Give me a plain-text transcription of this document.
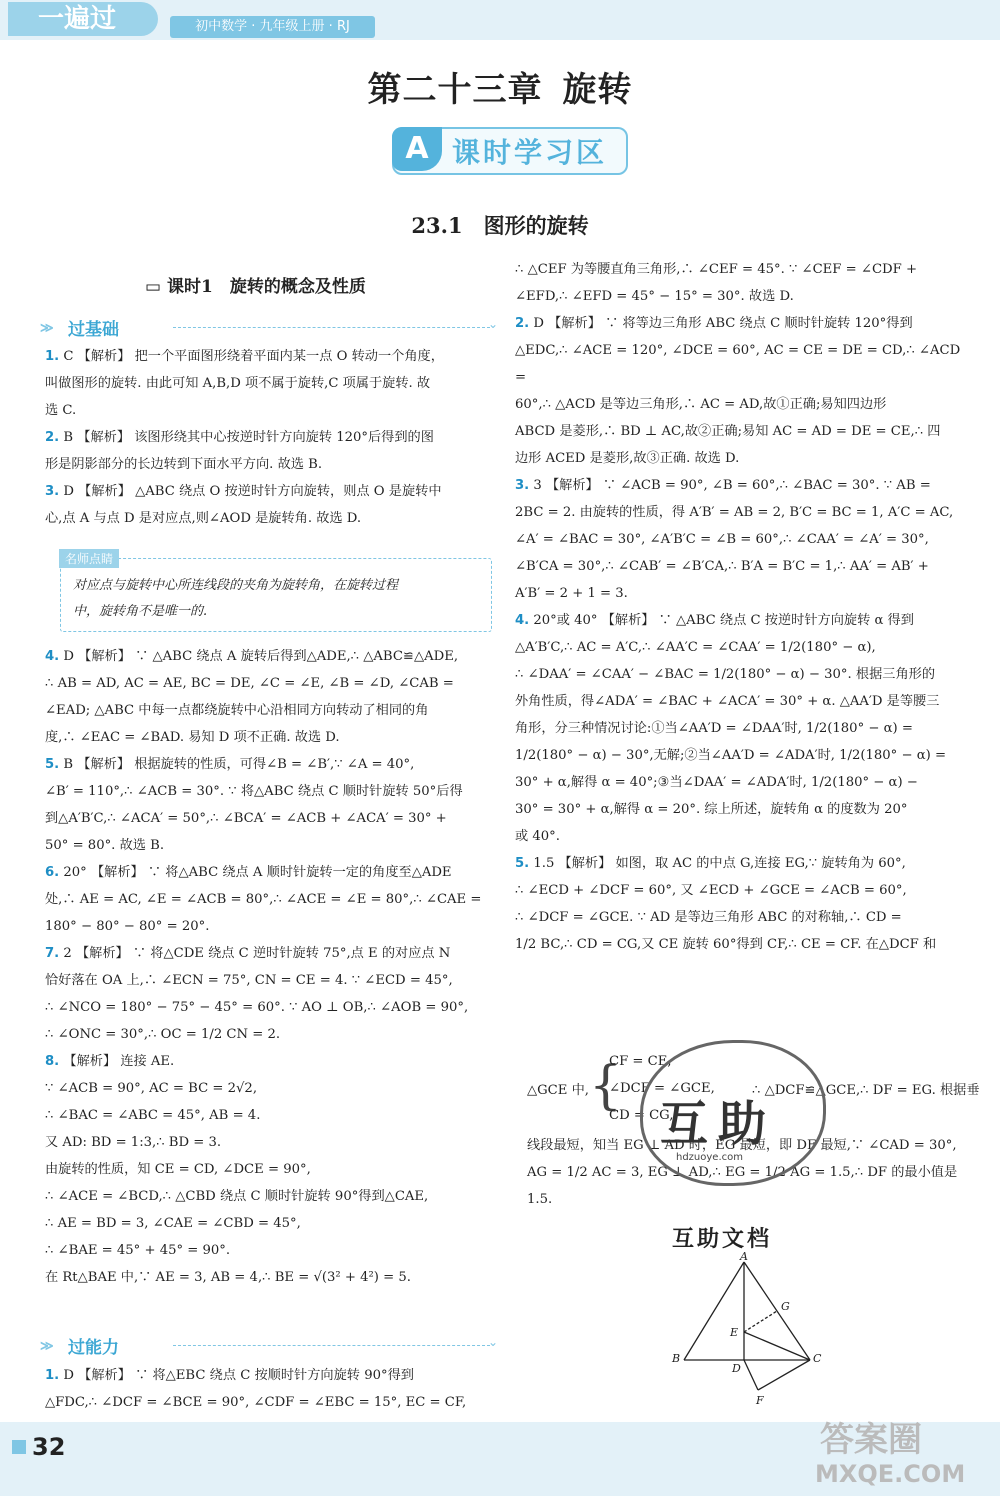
一遍过	初中数学 · 九年级上册 · RJ
第二十三章 旋转
A 课时学习区
23.1　图形的旋转
▭ 课时1　旋转的概念及性质
≫ 过基础	⌄

1. C 【解析】 把一个平面图形绕着平面内某一点 O 转动一个角度，

叫做图形的旋转. 由此可知 A,B,D 项不属于旋转,C 项属于旋转. 故

选 C.

2. B 【解析】 该图形绕其中心按逆时针方向旋转 120°后得到的图

形是阴影部分的长边转到下面水平方向. 故选 B.

3. D 【解析】 △ABC 绕点 O 按逆时针方向旋转，则点 O 是旋转中

心,点 A 与点 D 是对应点,则∠AOD 是旋转角. 故选 D.

名师点睛
对应点与旋转中心所连线段的夹角为旋转角，在旋转过程
中，旋转角不是唯一的.

4. D 【解析】 ∵ △ABC 绕点 A 旋转后得到△ADE,∴ △ABC≌△ADE,

∴ AB = AD, AC = AE, BC = DE, ∠C = ∠E, ∠B = ∠D, ∠CAB =

∠EAD; △ABC 中每一点都绕旋转中心沿相同方向转动了相同的角

度,∴ ∠EAC = ∠BAD. 易知 D 项不正确. 故选 D.

5. B 【解析】 根据旋转的性质，可得∠B = ∠B′,∵ ∠A = 40°,

∠B′ = 110°,∴ ∠ACB = 30°. ∵ 将△ABC 绕点 C 顺时针旋转 50°后得

到△A′B′C,∴ ∠ACA′ = 50°,∴ ∠BCA′ = ∠ACB + ∠ACA′ = 30° +

50° = 80°. 故选 B.

6. 20° 【解析】 ∵ 将△ABC 绕点 A 顺时针旋转一定的角度至△ADE

处,∴ AE = AC, ∠E = ∠ACB = 80°,∴ ∠ACE = ∠E = 80°,∴ ∠CAE =

180° − 80° − 80° = 20°.

7. 2 【解析】 ∵ 将△CDE 绕点 C 逆时针旋转 75°,点 E 的对应点 N

恰好落在 OA 上,∴ ∠ECN = 75°, CN = CE = 4. ∵ ∠ECD = 45°,

∴ ∠NCO = 180° − 75° − 45° = 60°. ∵ AO ⊥ OB,∴ ∠AOB = 90°,

∴ ∠ONC = 30°,∴ OC = 1/2 CN = 2.

8. 【解析】 连接 AE.

∵ ∠ACB = 90°, AC = BC = 2√2,

∴ ∠BAC = ∠ABC = 45°, AB = 4.

又 AD: BD = 1:3,∴ BD = 3.

由旋转的性质，知 CE = CD, ∠DCE = 90°,

∴ ∠ACE = ∠BCD,∴ △CBD 绕点 C 顺时针旋转 90°得到△CAE,

∴ AE = BD = 3, ∠CAE = ∠CBD = 45°,

∴ ∠BAE = 45° + 45° = 90°.

在 Rt△BAE 中,∵ AE = 3, AB = 4,∴ BE = √(3² + 4²) = 5.

≫ 过能力	⌄

1. D 【解析】 ∵ 将△EBC 绕点 C 按顺时针方向旋转 90°得到

△FDC,∴ ∠DCF = ∠BCE = 90°, ∠CDF = ∠EBC = 15°, EC = CF,

∴ △CEF 为等腰直角三角形,∴ ∠CEF = 45°. ∵ ∠CEF = ∠CDF +

∠EFD,∴ ∠EFD = 45° − 15° = 30°. 故选 D.

2. D 【解析】 ∵ 将等边三角形 ABC 绕点 C 顺时针旋转 120°得到

△EDC,∴ ∠ACE = 120°, ∠DCE = 60°, AC = CE = DE = CD,∴ ∠ACD =

60°,∴ △ACD 是等边三角形,∴ AC = AD,故①正确;易知四边形

ABCD 是菱形,∴ BD ⊥ AC,故②正确;易知 AC = AD = DE = CE,∴ 四

边形 ACED 是菱形,故③正确. 故选 D.

3. 3 【解析】 ∵ ∠ACB = 90°, ∠B = 60°,∴ ∠BAC = 30°. ∵ AB =

2BC = 2. 由旋转的性质，得 A′B′ = AB = 2, B′C = BC = 1, A′C = AC,

∠A′ = ∠BAC = 30°, ∠A′B′C = ∠B = 60°,∴ ∠CAA′ = ∠A′ = 30°,

∠B′CA = 30°,∴ ∠CAB′ = ∠B′CA,∴ B′A = B′C = 1,∴ AA′ = AB′ +

A′B′ = 2 + 1 = 3.

4. 20°或 40° 【解析】 ∵ △ABC 绕点 C 按逆时针方向旋转 α 得到

△A′B′C,∴ AC = A′C,∴ ∠AA′C = ∠CAA′ = 1/2(180° − α),

∴ ∠DAA′ = ∠CAA′ − ∠BAC = 1/2(180° − α) − 30°. 根据三角形的

外角性质，得∠ADA′ = ∠BAC + ∠ACA′ = 30° + α. △AA′D 是等腰三

角形，分三种情况讨论:①当∠AA′D = ∠DAA′时, 1/2(180° − α) =

1/2(180° − α) − 30°,无解;②当∠AA′D = ∠ADA′时, 1/2(180° − α) =

30° + α,解得 α = 40°;③当∠DAA′ = ∠ADA′时, 1/2(180° − α) −

30° = 30° + α,解得 α = 20°. 综上所述，旋转角 α 的度数为 20°

或 40°.

5. 1.5 【解析】 如图，取 AC 的中点 G,连接 EG,∵ 旋转角为 60°,

∴ ∠ECD + ∠DCF = 60°, 又 ∠ECD + ∠GCE = ∠ACB = 60°,

∴ ∠DCF = ∠GCE. ∵ AD 是等边三角形 ABC 的对称轴,∴ CD =

1/2 BC,∴ CD = CG,又 CE 旋转 60°得到 CF,∴ CE = CF. 在△DCF 和

△GCE 中, {
CF = CE,
∠DCF = ∠GCE,
CD = CG,
∴ △DCF≌△GCE,∴ DF = EG. 根据垂

线段最短，知当 EG ⊥ AD 时，EG 最短，即 DF 最短,∵ ∠CAD = 30°,

AG = 1/2 AC = 3, EG ⊥ AD,∴ EG = 1/2 AG = 1.5,∴ DF 的最小值是

1.5.

互助
hdzuoye.com
互助文档
A
G
E
B
D
C
F
32	答案圈
MXQE.COM
